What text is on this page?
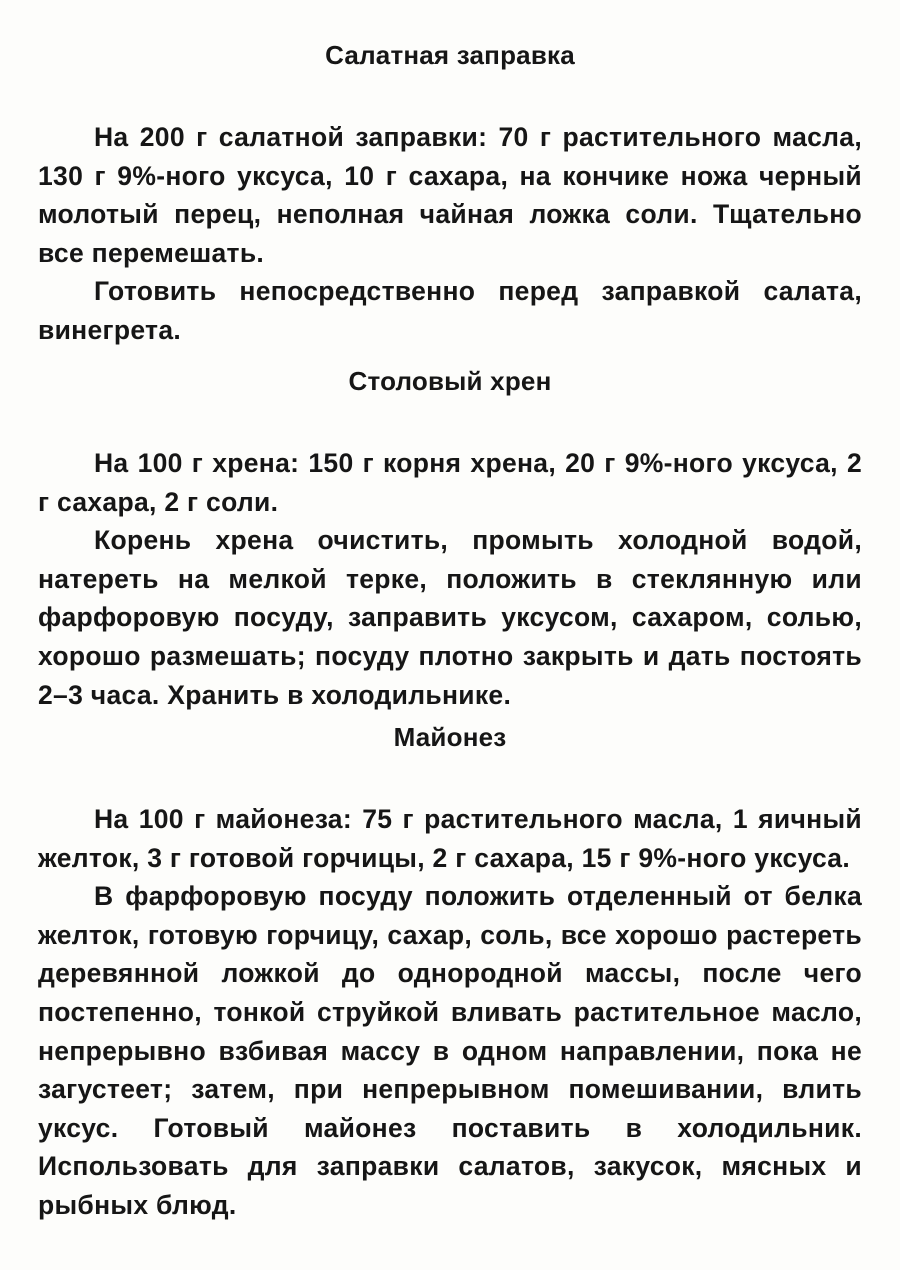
Салатная заправка

На 200 г салатной заправки: 70 г растительного масла, 130 г 9%-ного уксуса, 10 г сахара, на кончике ножа черный молотый перец, неполная чайная ложка соли. Тщательно все перемешать.

Готовить непосредственно перед заправкой салата, винегрета.

Столовый хрен

На 100 г хрена: 150 г корня хрена, 20 г 9%-ного уксуса, 2 г сахара, 2 г соли.

Корень хрена очистить, промыть холодной водой, натереть на мелкой терке, положить в стеклянную или фарфоровую посуду, заправить уксусом, сахаром, солью, хорошо размешать; посуду плотно закрыть и дать постоять 2–3 часа. Хранить в холодильнике.

Майонез

На 100 г майонеза: 75 г растительного масла, 1 яичный желток, 3 г готовой горчицы, 2 г сахара, 15 г 9%-ного уксуса.

В фарфоровую посуду положить отделенный от белка желток, готовую горчицу, сахар, соль, все хорошо растереть деревянной ложкой до однородной массы, после чего постепенно, тонкой струйкой вливать растительное масло, непрерывно взбивая массу в одном направлении, пока не загустеет; затем, при непрерывном помешивании, влить уксус. Готовый майонез поставить в холодильник. Использовать для заправки салатов, закусок, мясных и рыбных блюд.
